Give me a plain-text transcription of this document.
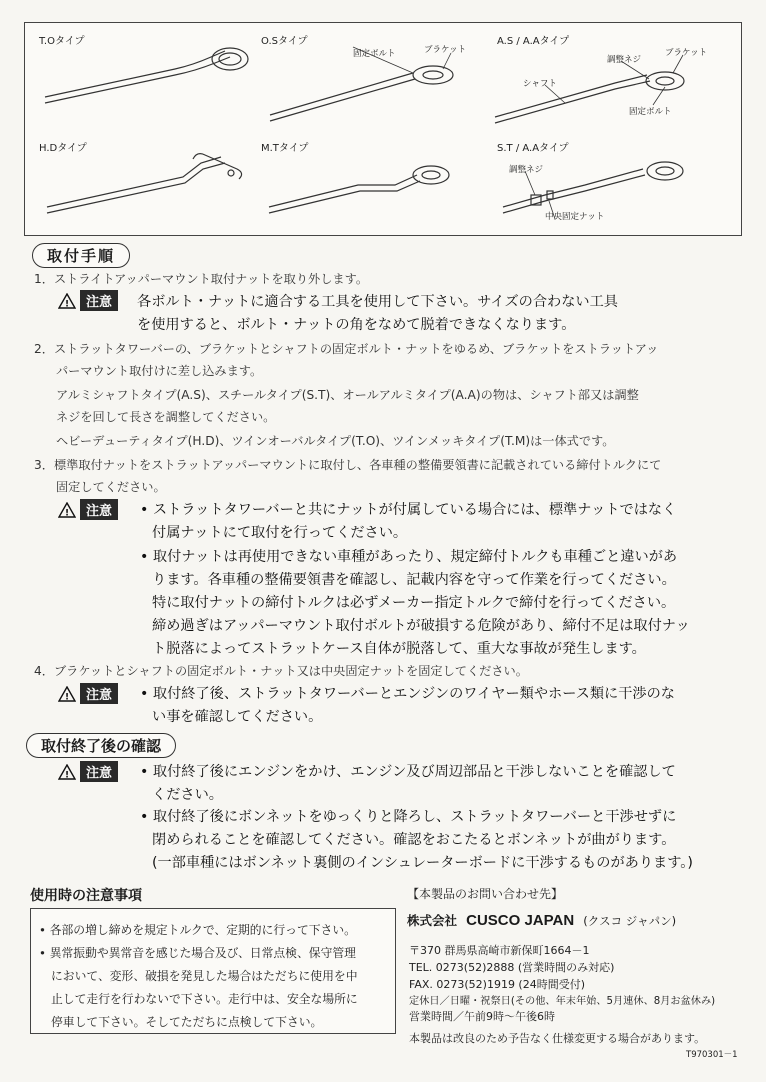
T.Oタイプ	O.Sタイプ	A.S / A.Aタイプ
H.Dタイプ	M.Tタイプ	S.T / A.Aタイプ
固定ボルト	ブラケット
調整ネジ
ブラケット
シャフト
固定ボルト
調整ネジ
中央固定ナット
取付手順
1．ストライトアッパーマウント取付ナットを取り外します。
!	注意	各ボルト・ナットに適合する工具を使用して下さい。サイズの合わない工具
を使用すると、ボルト・ナットの角をなめて脱着できなくなります。
2．ストラットタワーバーの、ブラケットとシャフトの固定ボルト・ナットをゆるめ、ブラケットをストラットアッ
パーマウント取付けに差し込みます。
アルミシャフトタイプ(A.S)、スチールタイプ(S.T)、オールアルミタイプ(A.A)の物は、シャフト部又は調整
ネジを回して長さを調整してください。
ヘビーデューティタイプ(H.D)、ツインオーバルタイプ(T.O)、ツインメッキタイプ(T.M)は一体式です。
3．標準取付ナットをストラットアッパーマウントに取付し、各車種の整備要領書に記載されている締付トルクにて
固定してください。
!	注意	• ストラットタワーバーと共にナットが付属している場合には、標準ナットではなく
付属ナットにて取付を行ってください。
• 取付ナットは再使用できない車種があったり、規定締付トルクも車種ごと違いがあ
ります。各車種の整備要領書を確認し、記載内容を守って作業を行ってください。
特に取付ナットの締付トルクは必ずメーカー指定トルクで締付を行ってください。
締め過ぎはアッパーマウント取付ボルトが破損する危険があり、締付不足は取付ナッ
ト脱落によってストラットケース自体が脱落して、重大な事故が発生します。
4．ブラケットとシャフトの固定ボルト・ナット又は中央固定ナットを固定してください。
!	注意	• 取付終了後、ストラットタワーバーとエンジンのワイヤー類やホース類に干渉のな
い事を確認してください。
取付終了後の確認
!	注意	• 取付終了後にエンジンをかけ、エンジン及び周辺部品と干渉しないことを確認して
ください。
• 取付終了後にボンネットをゆっくりと降ろし、ストラットタワーバーと干渉せずに
閉められることを確認してください。確認をおこたるとボンネットが曲がります。
(一部車種にはボンネット裏側のインシュレーターボードに干渉するものがあります。)
使用時の注意事項
• 各部の増し締めを規定トルクで、定期的に行って下さい。
• 異常振動や異常音を感じた場合及び、日常点検、保守管理
において、変形、破損を発見した場合はただちに使用を中
止して走行を行わないで下さい。走行中は、安全な場所に
停車して下さい。そしてただちに点検して下さい。
【本製品のお問い合わせ先】
株式会社 CUSCO JAPAN (クスコ ジャパン)
〒370 群馬県高崎市新保町1664－1
TEL. 0273(52)2888 (営業時間のみ対応)
FAX. 0273(52)1919 (24時間受付)
定休日／日曜・祝祭日(その他、年末年始、5月連休、8月お盆休み)
営業時間／午前9時〜午後6時
本製品は改良のため予告なく仕様変更する場合があります。
T970301－1
